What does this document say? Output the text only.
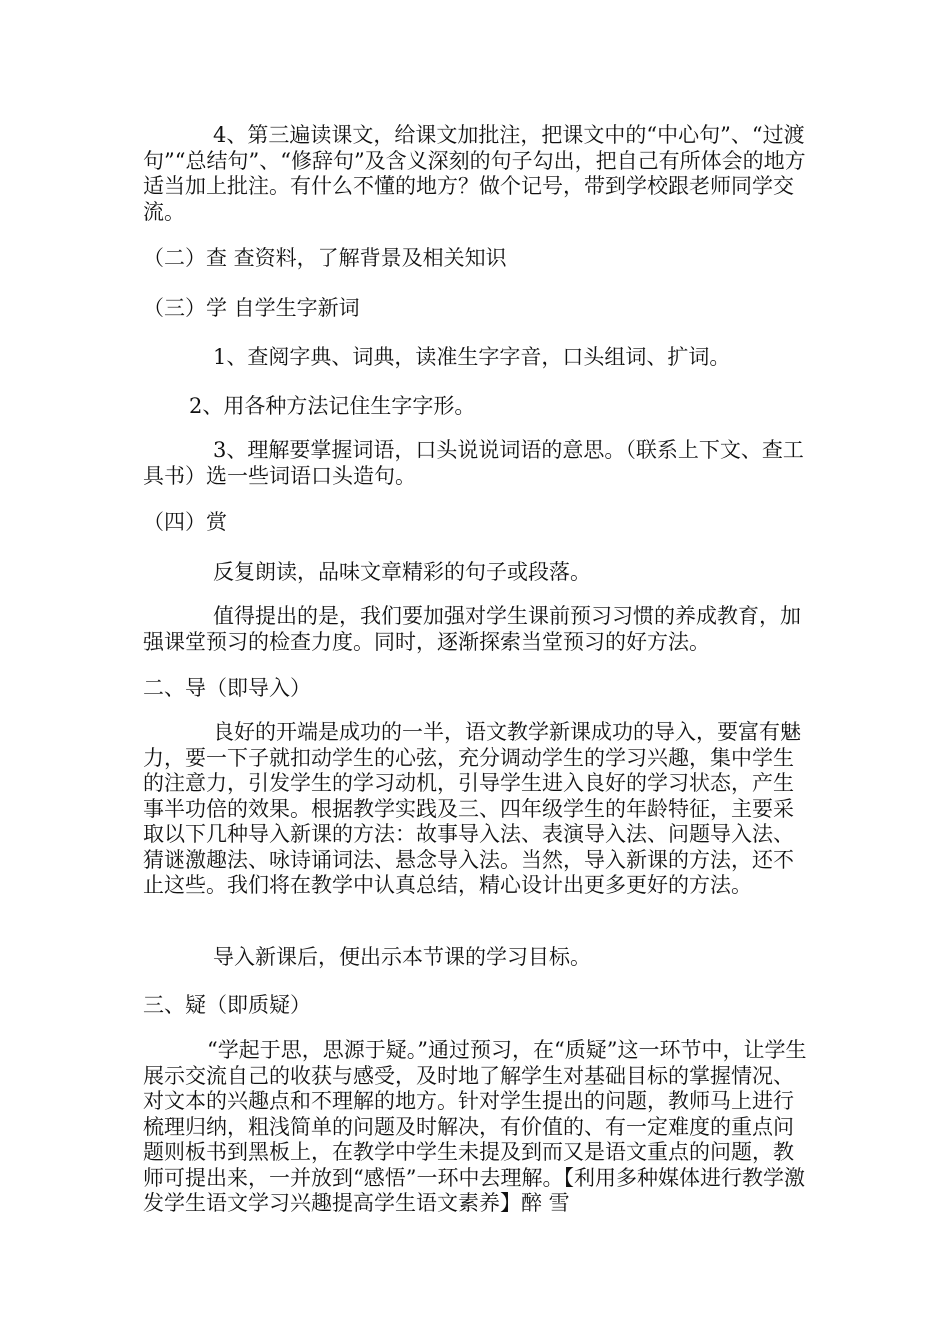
4、第三遍读课文，给课文加批注，把课文中的“中心句”、“过渡句”“总结句”、“修辞句”及含义深刻的句子勾出，把自己有所体会的地方适当加上批注。有什么不懂的地方？做个记号，带到学校跟老师同学交流。

（二）查 查资料，了解背景及相关知识

（三）学 自学生字新词

1、查阅字典、词典，读准生字字音，口头组词、扩词。

2、用各种方法记住生字字形。

3、理解要掌握词语，口头说说词语的意思。（联系上下文、查工具书）选一些词语口头造句。

（四）赏

反复朗读，品味文章精彩的句子或段落。

值得提出的是，我们要加强对学生课前预习习惯的养成教育，加强课堂预习的检查力度。同时，逐渐探索当堂预习的好方法。

二、导（即导入）

良好的开端是成功的一半，语文教学新课成功的导入，要富有魅力，要一下子就扣动学生的心弦，充分调动学生的学习兴趣，集中学生的注意力，引发学生的学习动机，引导学生进入良好的学习状态，产生事半功倍的效果。根据教学实践及三、四年级学生的年龄特征，主要采取以下几种导入新课的方法：故事导入法、表演导入法、问题导入法、猜谜激趣法、咏诗诵词法、悬念导入法。当然，导入新课的方法，还不止这些。我们将在教学中认真总结，精心设计出更多更好的方法。

导入新课后，便出示本节课的学习目标。

三、疑（即质疑）

“学起于思，思源于疑。”通过预习，在“质疑”这一环节中，让学生展示交流自己的收获与感受，及时地了解学生对基础目标的掌握情况、对文本的兴趣点和不理解的地方。针对学生提出的问题，教师马上进行梳理归纳，粗浅简单的问题及时解决，有价值的、有一定难度的重点问题则板书到黑板上，在教学中学生未提及到而又是语文重点的问题，教师可提出来，一并放到“感悟”一环中去理解。【利用多种媒体进行教学激发学生语文学习兴趣提高学生语文素养】醉 雪
